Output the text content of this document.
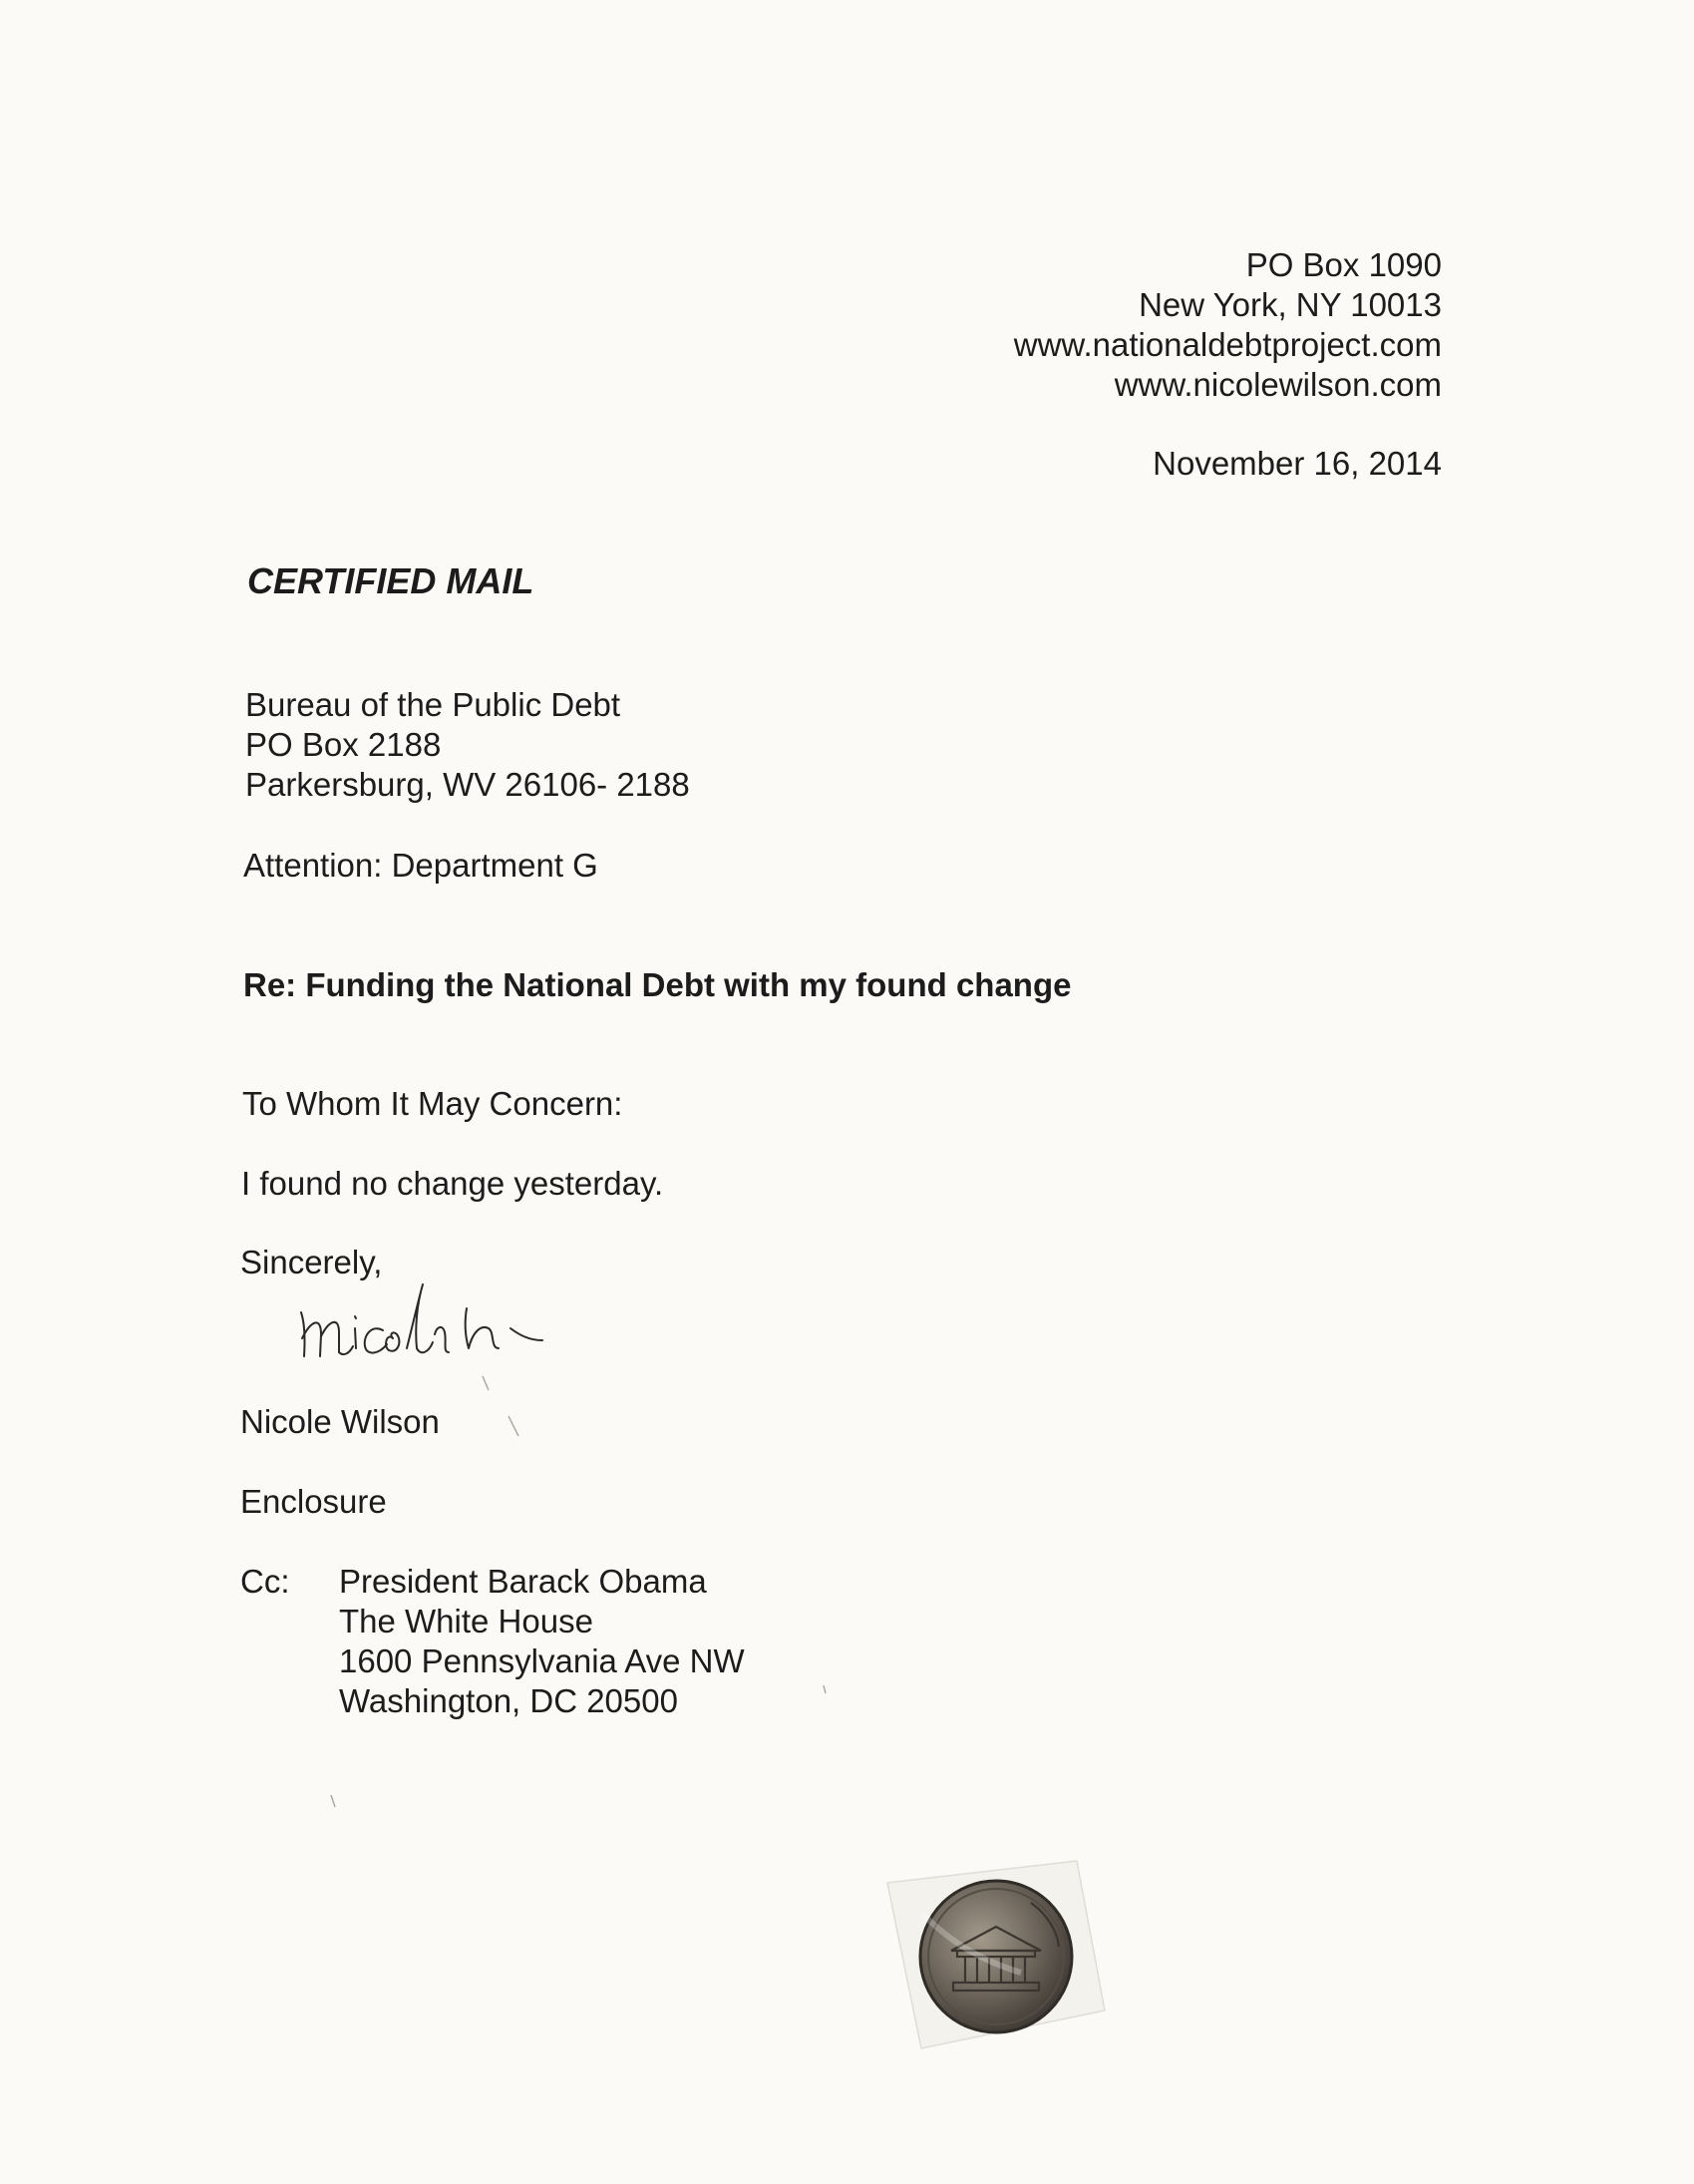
PO Box 1090
New York, NY 10013
www.nationaldebtproject.com
www.nicolewilson.com
November 16, 2014
CERTIFIED MAIL
Bureau of the Public Debt
PO Box 2188
Parkersburg, WV 26106- 2188
Attention: Department G
Re: Funding the National Debt with my found change
To Whom It May Concern:
I found no change yesterday.
Sincerely,
Nicole Wilson
Enclosure
Cc: President Barack Obama
The White House
1600 Pennsylvania Ave NW
Washington, DC 20500
